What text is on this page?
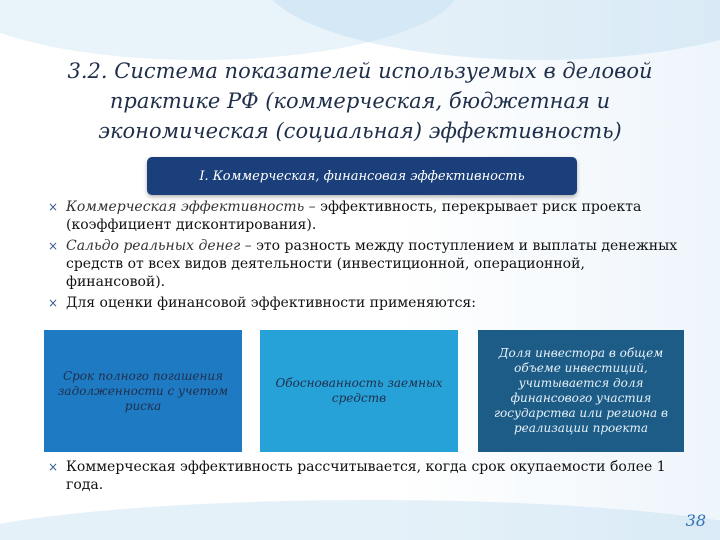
3.2. Система показателей используемых в деловой практике РФ (коммерческая, бюджетная и экономическая (социальная) эффективность)
I. Коммерческая, финансовая эффективность
× Коммерческая эффективность – эффективность, перекрывает риск проекта (коэффициент дисконтирования).
× Сальдо реальных денег – это разность между поступлением и выплаты денежных средств от всех видов деятельности (инвестиционной, операционной, финансовой).
× Для оценки финансовой эффективности применяются:
Срок полного погашения задолженности с учетом риска
Обоснованность заемных средств
Доля инвестора в общем объеме инвестиций, учитывается доля финансового участия государства или региона в реализации проекта
× Коммерческая эффективность рассчитывается, когда срок окупаемости более 1 года.
38
